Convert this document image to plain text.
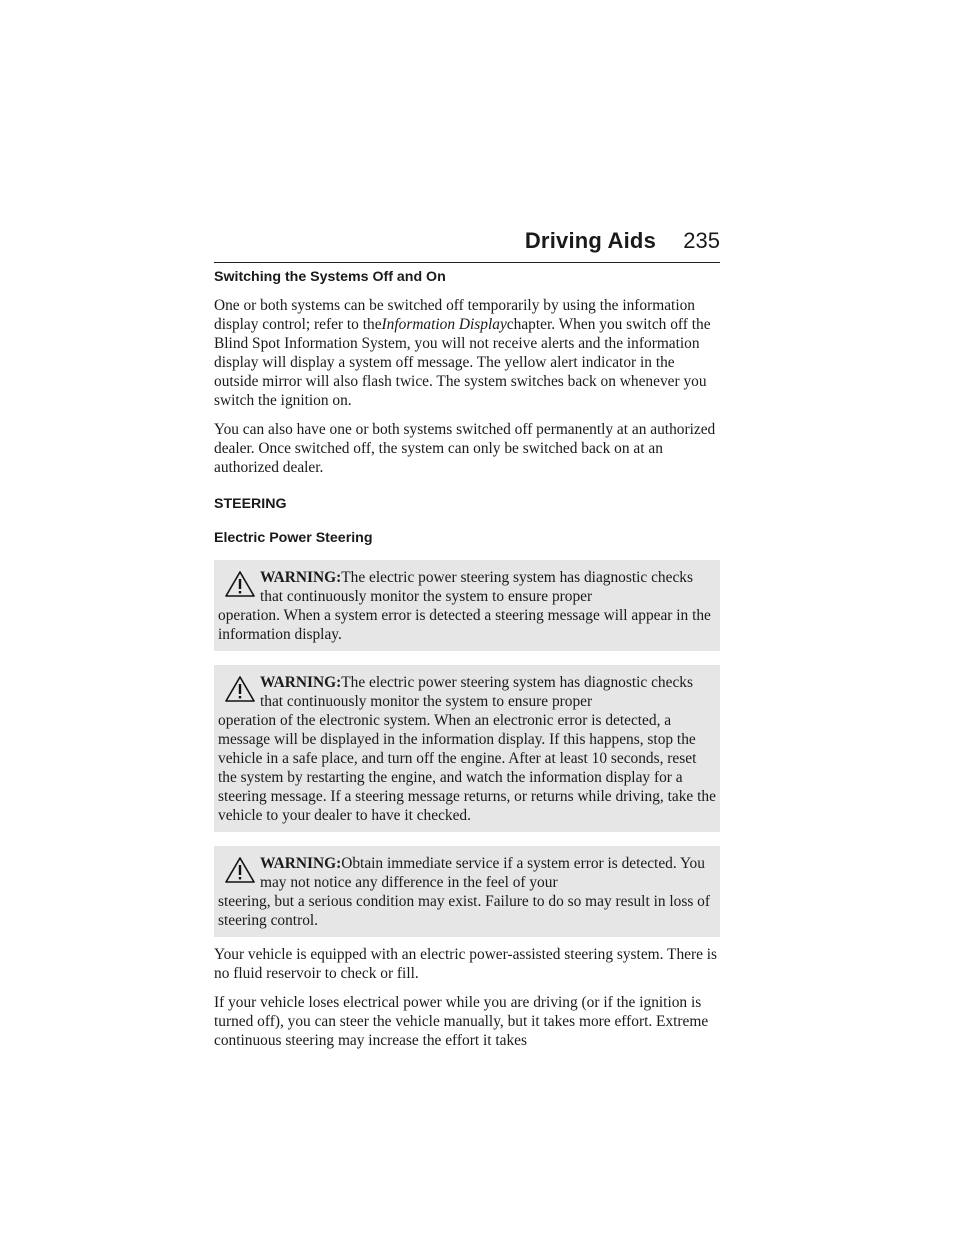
Driving Aids 235
Switching the Systems Off and On

One or both systems can be switched off temporarily by using the information display control; refer to theInformation Displaychapter. When you switch off the Blind Spot Information System, you will not receive alerts and the information display will display a system off message. The yellow alert indicator in the outside mirror will also flash twice. The system switches back on whenever you switch the ignition on.

You can also have one or both systems switched off permanently at an authorized dealer. Once switched off, the system can only be switched back on at an authorized dealer.

STEERING
Electric Power Steering
WARNING:The electric power steering system has diagnostic checks that continuously monitor the system to ensure proper
operation. When a system error is detected a steering message will appear in the information display.
WARNING:The electric power steering system has diagnostic checks that continuously monitor the system to ensure proper
operation of the electronic system. When an electronic error is detected, a message will be displayed in the information display. If this happens, stop the vehicle in a safe place, and turn off the engine. After at least 10 seconds, reset the system by restarting the engine, and watch the information display for a steering message. If a steering message returns, or returns while driving, take the vehicle to your dealer to have it checked.
WARNING:Obtain immediate service if a system error is detected. You may not notice any difference in the feel of your
steering, but a serious condition may exist. Failure to do so may result in loss of steering control.

Your vehicle is equipped with an electric power-assisted steering system. There is no fluid reservoir to check or fill.

If your vehicle loses electrical power while you are driving (or if the ignition is turned off), you can steer the vehicle manually, but it takes more effort. Extreme continuous steering may increase the effort it takes
